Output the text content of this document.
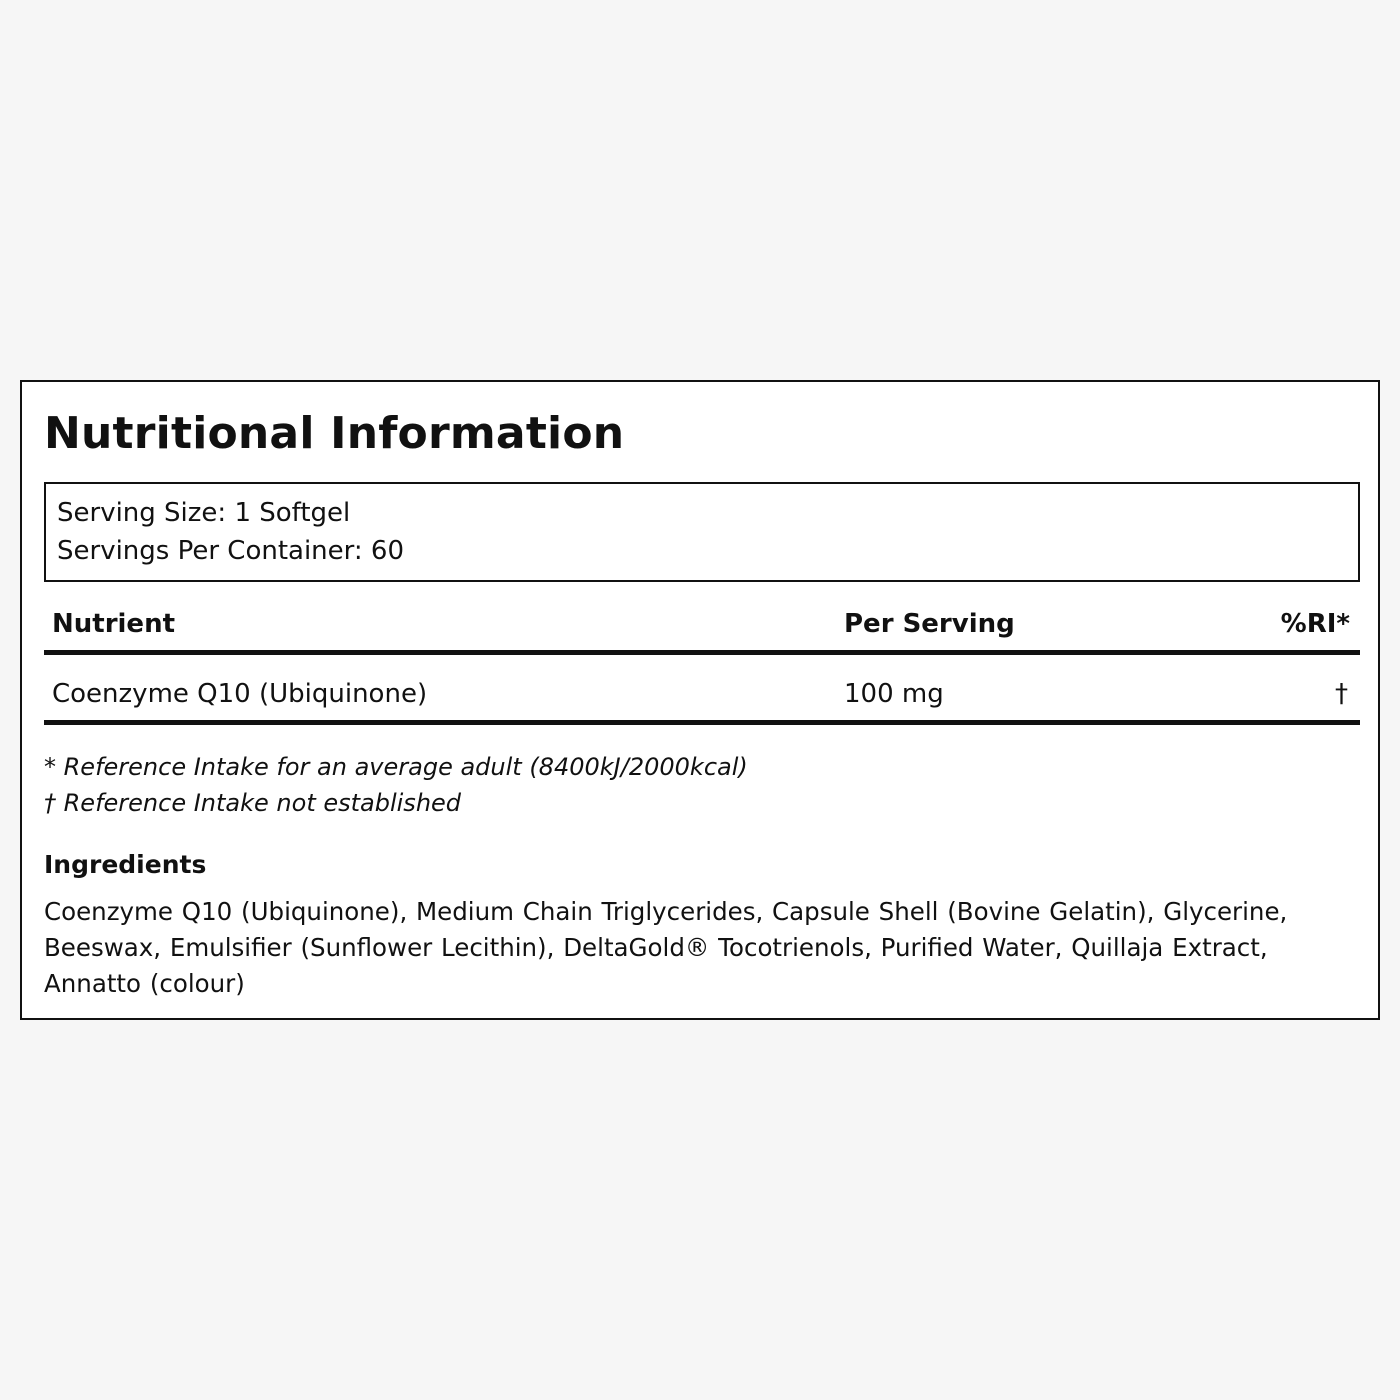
Nutritional Information
Serving Size: 1 Softgel
Servings Per Container: 60
Nutrient	Per Serving	%RI*
Coenzyme Q10 (Ubiquinone)	100 mg	†
* Reference Intake for an average adult (8400kJ/2000kcal)
† Reference Intake not established
Ingredients
Coenzyme Q10 (Ubiquinone), Medium Chain Triglycerides, Capsule Shell (Bovine Gelatin), Glycerine, Beeswax, Emulsifier (Sunflower Lecithin), DeltaGold® Tocotrienols, Purified Water, Quillaja Extract, Annatto (colour)
